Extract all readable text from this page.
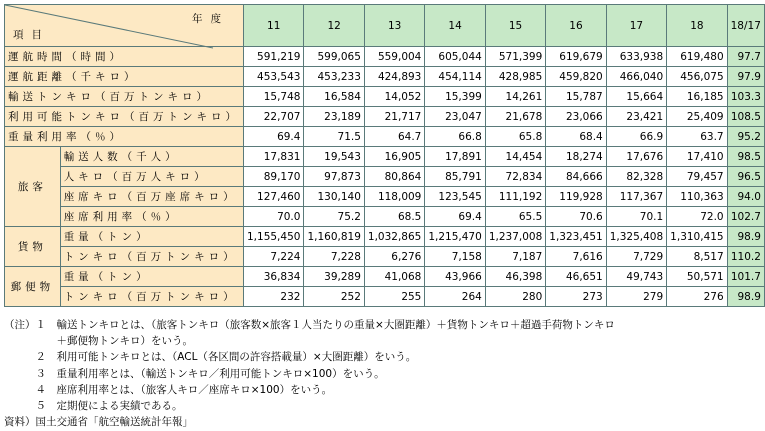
年度
項目		11	12	13	14	15	16	17	18	18/17
運航時間（時間）		591,219	599,065	559,004	605,044	571,399	619,679	633,938	619,480	97.7
運航距離（千キロ）		453,543	453,233	424,893	454,114	428,985	459,820	466,040	456,075	97.9
輸送トンキロ（百万トンキロ）		15,748	16,584	14,052	15,399	14,261	15,787	15,664	16,185	103.3
利用可能トンキロ（百万トンキロ）		22,707	23,189	21,717	23,047	21,678	23,066	23,421	25,409	108.5
重量利用率（％）		69.4	71.5	64.7	66.8	65.8	68.4	66.9	63.7	95.2
旅客	輸送人数（千人）	17,831	19,543	16,905	17,891	14,454	18,274	17,676	17,410	98.5
	人キロ（百万人キロ）	89,170	97,873	80,864	85,791	72,834	84,666	82,328	79,457	96.5
	座席キロ（百万座席キロ）	127,460	130,140	118,009	123,545	111,192	119,928	117,367	110,363	94.0
	座席利用率（％）	70.0	75.2	68.5	69.4	65.5	70.6	70.1	72.0	102.7
貨物	重量（トン）	1,155,450	1,160,819	1,032,865	1,215,470	1,237,008	1,323,451	1,325,408	1,310,415	98.9
	トンキロ（百万トンキロ）	7,224	7,228	6,276	7,158	7,187	7,616	7,729	8,517	110.2
郵便物	重量（トン）	36,834	39,289	41,068	43,966	46,398	46,651	49,743	50,571	101.7
	トンキロ（百万トンキロ）	232	252	255	264	280	273	279	276	98.9
（注）１　輸送トンキロとは、（旅客トンキロ（旅客数×旅客１人当たりの重量×大圏距離）＋貨物トンキロ＋超過手荷物トンキロ
　　　　　＋郵便物トンキロ）をいう。
　　　２　利用可能トンキロとは、（ACL（各区間の許容搭載量）×大圏距離）をいう。
　　　３　重量利用率とは、（輸送トンキロ／利用可能トンキロ×100）をいう。
　　　４　座席利用率とは、（旅客人キロ／座席キロ×100）をいう。
　　　５　定期便による実績である。
資料）国土交通省「航空輸送統計年報」
